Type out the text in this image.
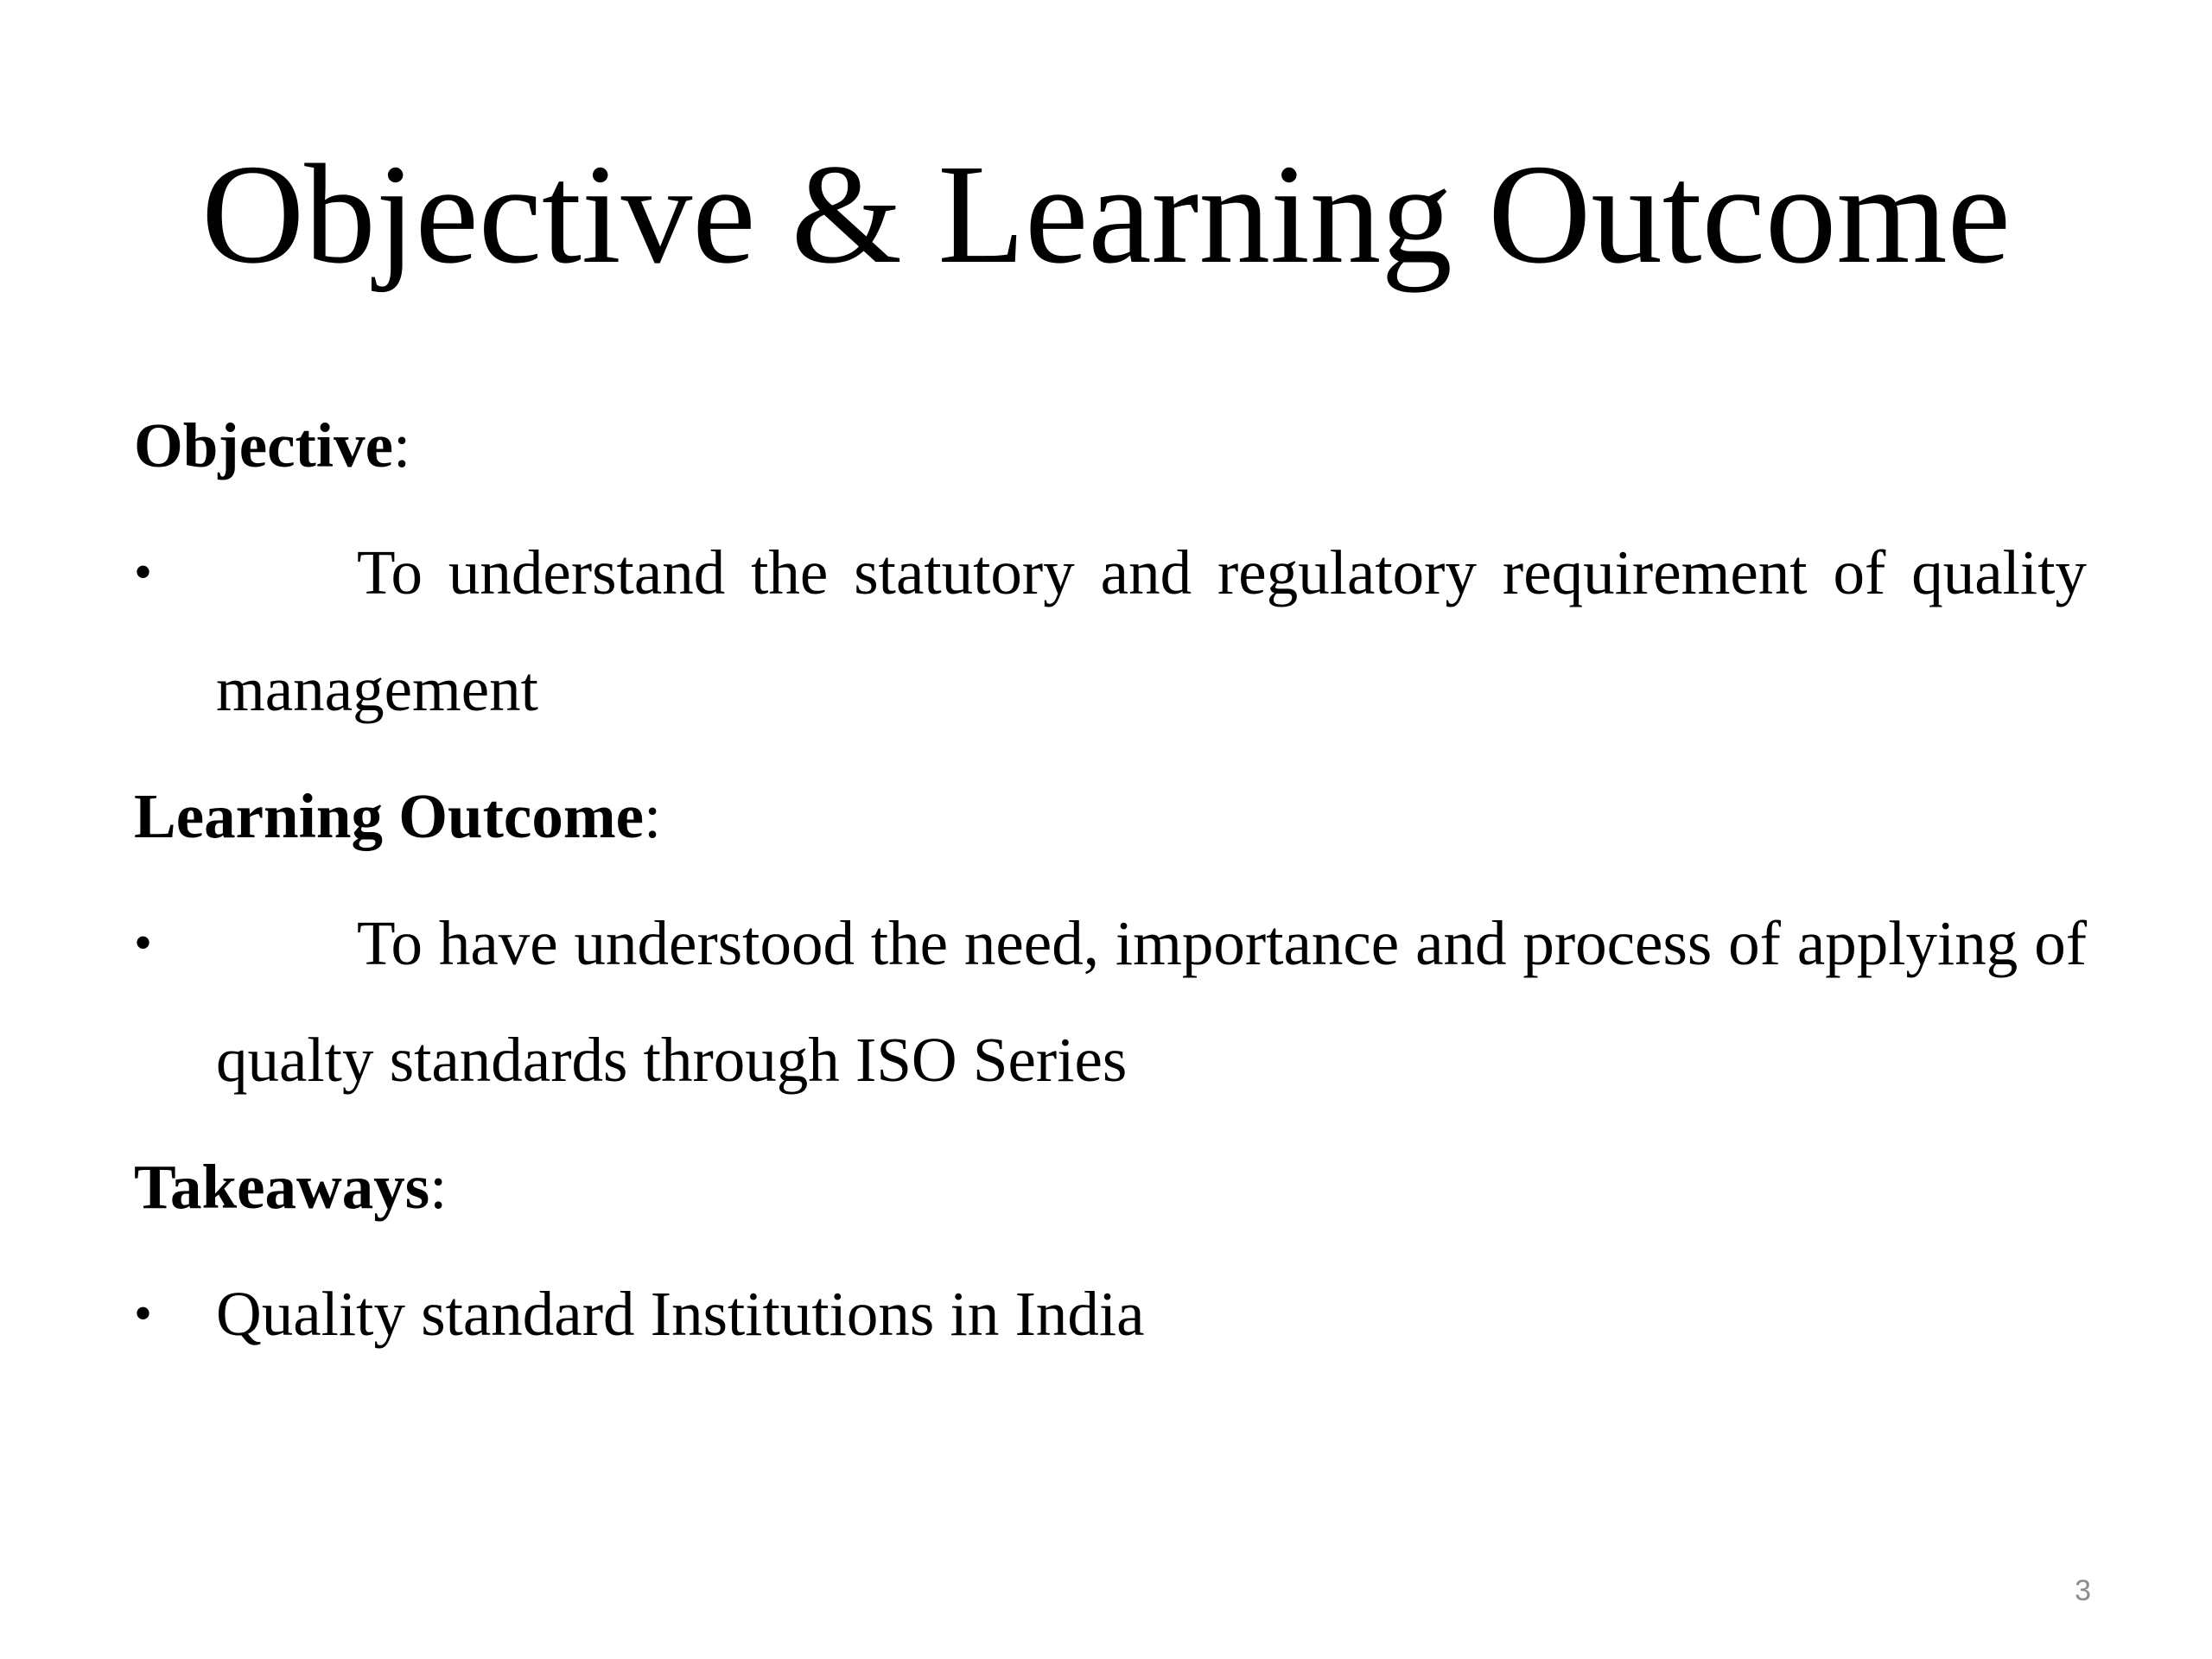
Objective & Learning Outcome
Objective:
•	To understand the statutory and regulatory requirement of quality management
Learning Outcome:
•	To have understood the need, importance and process of applying of qualty standards through ISO Series
Takeaways:
• Quality standard Institutions in India
3
